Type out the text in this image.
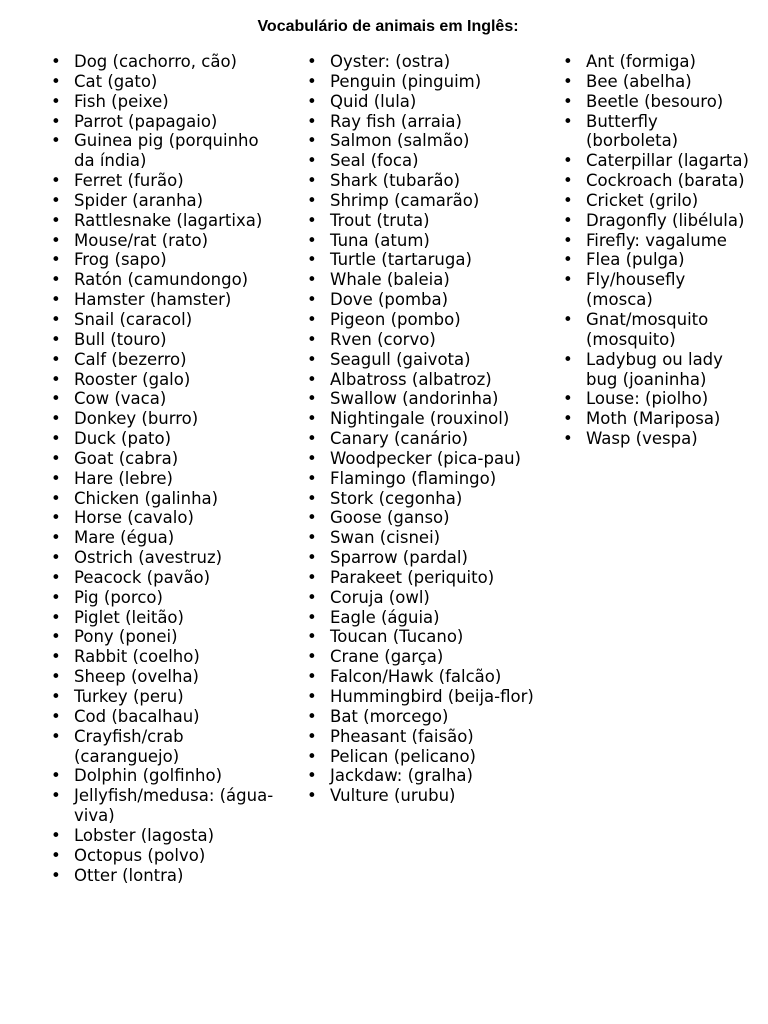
Vocabulário de animais em Inglês:
• Dog (cachorro, cão)
• Cat (gato)
• Fish (peixe)
• Parrot (papagaio)
• Guinea pig (porquinho da índia)
• Ferret (furão)
• Spider (aranha)
• Rattlesnake (lagartixa)
• Mouse/rat (rato)
• Frog (sapo)
• Ratón (camundongo)
• Hamster (hamster)
• Snail (caracol)
• Bull (touro)
• Calf (bezerro)
• Rooster (galo)
• Cow (vaca)
• Donkey (burro)
• Duck (pato)
• Goat (cabra)
• Hare (lebre)
• Chicken (galinha)
• Horse (cavalo)
• Mare (égua)
• Ostrich (avestruz)
• Peacock (pavão)
• Pig (porco)
• Piglet (leitão)
• Pony (ponei)
• Rabbit (coelho)
• Sheep (ovelha)
• Turkey (peru)
• Cod (bacalhau)
• Crayfish/crab (caranguejo)
• Dolphin (golfinho)
• Jellyfish/medusa: (água-viva)
• Lobster (lagosta)
• Octopus (polvo)
• Otter (lontra)
• Oyster: (ostra)
• Penguin (pinguim)
• Quid (lula)
• Ray fish (arraia)
• Salmon (salmão)
• Seal (foca)
• Shark (tubarão)
• Shrimp (camarão)
• Trout (truta)
• Tuna (atum)
• Turtle (tartaruga)
• Whale (baleia)
• Dove (pomba)
• Pigeon (pombo)
• Rven (corvo)
• Seagull (gaivota)
• Albatross (albatroz)
• Swallow (andorinha)
• Nightingale (rouxinol)
• Canary (canário)
• Woodpecker (pica-pau)
• Flamingo (flamingo)
• Stork (cegonha)
• Goose (ganso)
• Swan (cisnei)
• Sparrow (pardal)
• Parakeet (periquito)
• Coruja (owl)
• Eagle (águia)
• Toucan (Tucano)
• Crane (garça)
• Falcon/Hawk (falcão)
• Hummingbird (beija-flor)
• Bat (morcego)
• Pheasant (faisão)
• Pelican (pelicano)
• Jackdaw: (gralha)
• Vulture (urubu)
• Ant (formiga)
• Bee (abelha)
• Beetle (besouro)
• Butterfly (borboleta)
• Caterpillar (lagarta)
• Cockroach (barata)
• Cricket (grilo)
• Dragonfly (libélula)
• Firefly: vagalume
• Flea (pulga)
• Fly/housefly (mosca)
• Gnat/mosquito (mosquito)
• Ladybug ou lady bug (joaninha)
• Louse: (piolho)
• Moth (Mariposa)
• Wasp (vespa)
